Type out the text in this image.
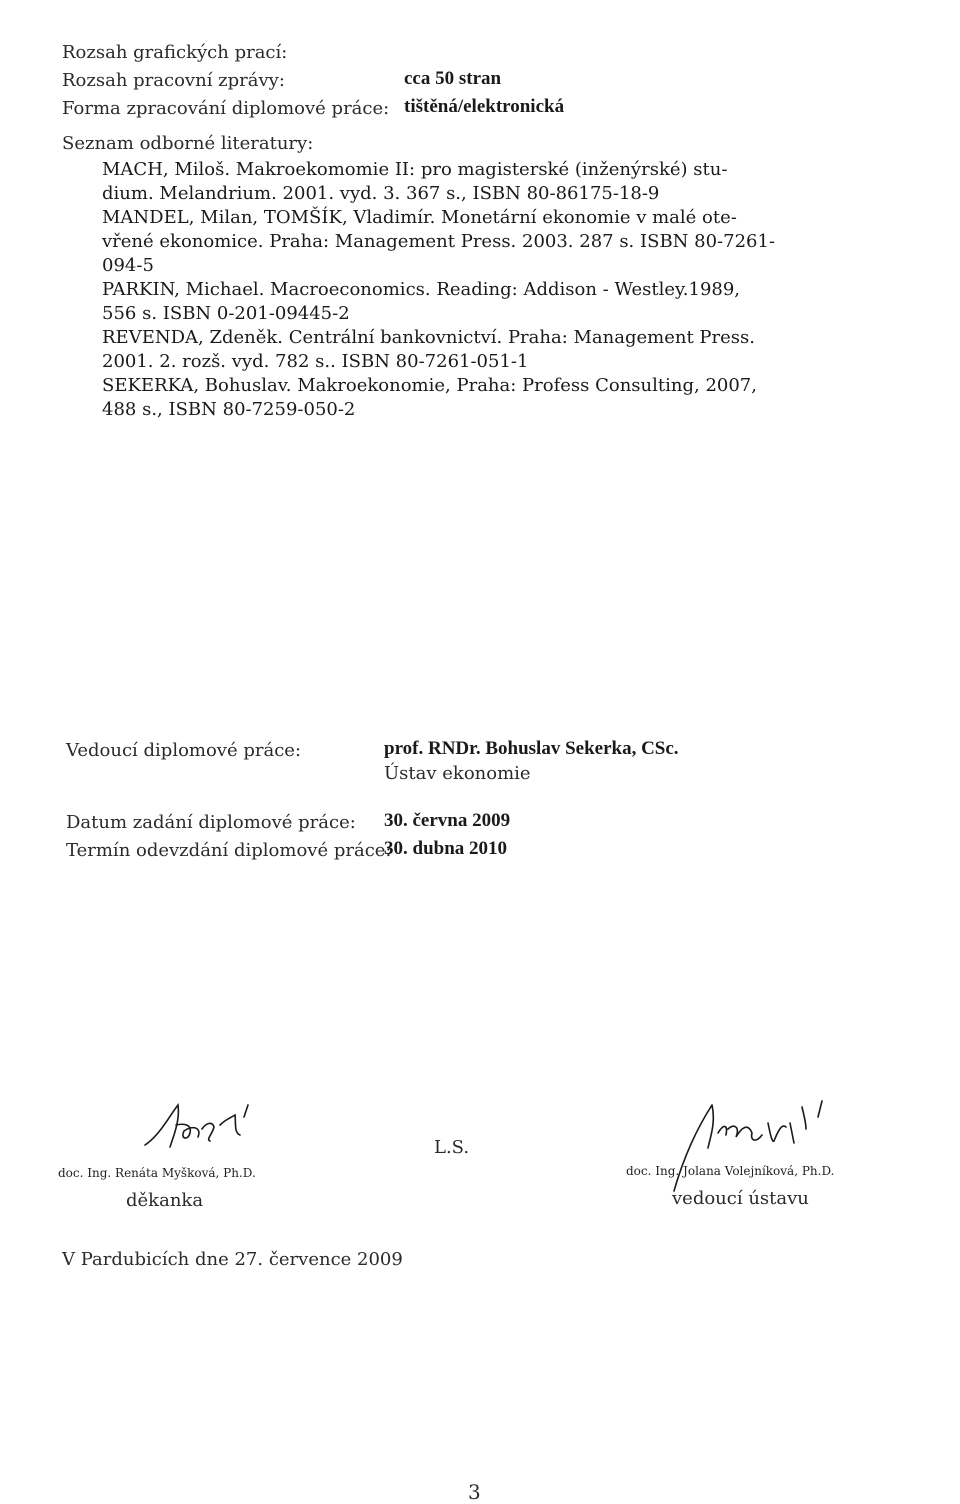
Rozsah grafických prací:
Rozsah pracovní zprávy:	cca 50 stran
Forma zpracování diplomové práce: tištěná/elektronická
Seznam odborné literatury:
MACH, Miloš. Makroekomomie II: pro magisterské (inženýrské) stu-
dium. Melandrium. 2001. vyd. 3. 367 s., ISBN 80-86175-18-9
MANDEL, Milan, TOMŠÍK, Vladimír. Monetární ekonomie v malé ote-
vřené ekonomice. Praha: Management Press. 2003. 287 s. ISBN 80-7261-
094-5
PARKIN, Michael. Macroeconomics. Reading: Addison - Westley.1989,
556 s. ISBN 0-201-09445-2
REVENDA, Zdeněk. Centrální bankovnictví. Praha: Management Press.
2001. 2. rozš. vyd. 782 s.. ISBN 80-7261-051-1
SEKERKA, Bohuslav. Makroekonomie, Praha: Profess Consulting, 2007,
488 s., ISBN 80-7259-050-2
Vedoucí diplomové práce:	prof. RNDr. Bohuslav Sekerka, CSc.
Ústav ekonomie
Datum zadání diplomové práce: 30. června 2009
Termín odevzdání diplomové práce:
30. dubna 2010
doc. Ing. Renáta Myšková, Ph.D.
děkanka
L.S.
doc. Ing. Jolana Volejníková, Ph.D.
vedoucí ústavu
V Pardubicích dne 27. července 2009
3
